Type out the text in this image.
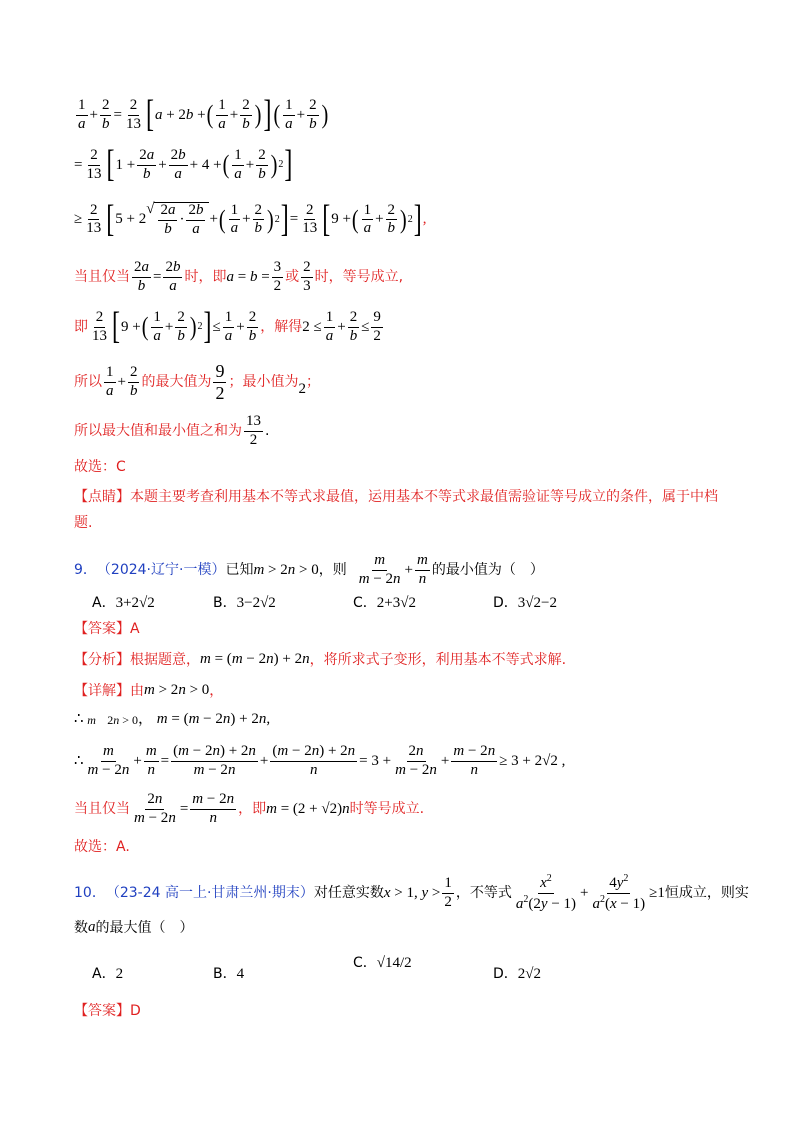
$\frac{1}{a} + \frac{2}{b} = \frac{2}{13}$ [ a + 2 b + ( $\frac{1}{a} + \frac{2}{b}$ ) ] ( $\frac{1}{a} + \frac{2}{b}$ )
= $\frac{2}{13}$ [ $1 + \frac{2a}{b} + \frac{2b}{a} + 4$ + ( $\frac{1}{a} + \frac{2}{b}$ ) 2 ]
≥ $\frac{2}{13}$ [ 5 + 2
√ $\frac{2a}{b} \cdot \frac{2b}{a}$ + ( $\frac{1}{a} + \frac{2}{b}$ ) 2 ] = $\frac{2}{13}$ [ 9 + ( $\frac{1}{a} + \frac{2}{b}$ ) 2 ] ,
当且仅当 $\frac{2a}{b} = \frac{2b}{a}$ 时，即 $a = b = \frac{3}{2}$ 或 $\frac{2}{3}$ 时，等号成立,
即 $\frac{2}{13}$ [ 9 + ( $\frac{1}{a} + \frac{2}{b}$ ) 2 ] ≤ $\frac{1}{a} + \frac{2}{b}$ ，解得 $2 \le \frac{1}{a} + \frac{2}{b} \le \frac{9}{2}$
所以 $\frac{1}{a} + \frac{2}{b}$ 的最大值为 $\frac{9}{2}$ ；最小值为 2 ；
所以最大值和最小值之和为 $\frac{13}{2}$ .
故选：C
【点睛】本题主要考查利用基本不等式求最值，运用基本不等式求最值需验证等号成立的条件，属于中档
题.
9． （2024·辽宁·一模） 已知 m > 2n > 0 ，则 $\frac{m}{m - 2n} + \frac{m}{n}$ 的最小值为（　）
A．3+2√2	B．3−2√2	C．2+3√2	D．3√2−2
【答案】A
【分析】 根据题意， m = (m − 2n) + 2n ，将所求式子变形，利用基本不等式求解.
【详解】 由 m > 2n > 0 ，
∴ m
2n > 0 ， m = ( m − 2 n ) + 2 n ,
∴ $\frac{m}{m - 2n} + \frac{m}{n} = \frac{(m - 2n) + 2n}{m - 2n} + \frac{(m - 2n) + 2n}{n} = 3 + \frac{2n}{m - 2n} + \frac{m - 2n}{n} \ge 3 + 2√2$ ,
当且仅当 $\frac{2n}{m - 2n} = \frac{m - 2n}{n}$ ，即 m = (2 + √2)n 时等号成立.
故选：A.
10． （23-24 高一上·甘肃兰州·期末） 对任意实数 x > 1, $y > \frac{1}{2}$ ，不等式 $\frac{x^2}{a^2(2y - 1)} + \frac{4y^2}{a^2(x - 1)} \ge 1$ 恒成立，则实
数 a 的最大值（　）
A．2	B．4
C．√14/2
D．2√2
【答案】D
